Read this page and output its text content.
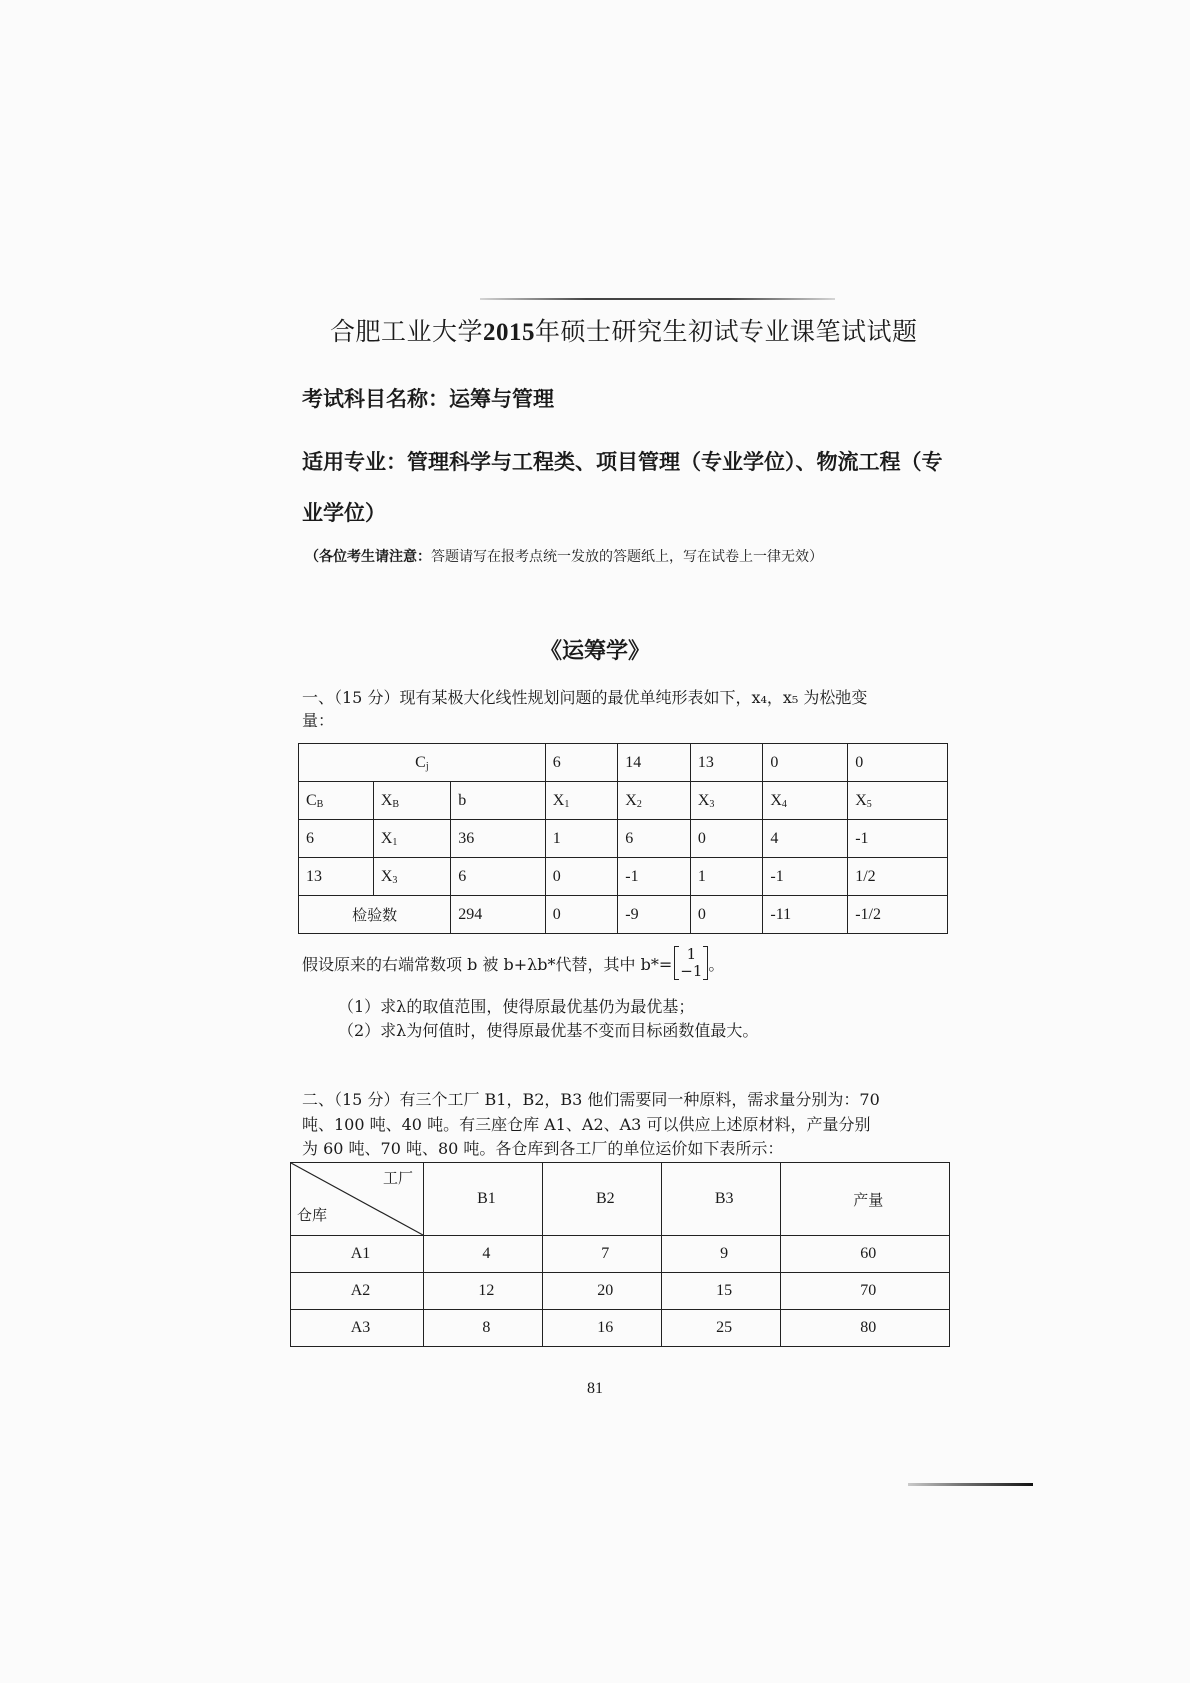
合肥工业大学2015年硕士研究生初试专业课笔试试题
考试科目名称：运筹与管理
适用专业：管理科学与工程类、项目管理（专业学位）、物流工程（专
业学位）
（各位考生请注意：答题请写在报考点统一发放的答题纸上，写在试卷上一律无效）
《运筹学》
一、（15 分）现有某极大化线性规划问题的最优单纯形表如下，x₄，x₅ 为松弛变
量：
$C_j$			6	14	13	0	0
$C_B$	$X_B$	b	$X_1$	$X_2$	$X_3$	$X_4$	$X_5$
6	$X_1$	36	1	6	0	4	-1
13	$X_3$	6	0	-1	1	-1	1/2
检验数		294	0	-9	0	-11	-1/2
假设原来的右端常数项 b 被 b+λb*代替，其中 b*=
1
−1 。
（1）求λ的取值范围，使得原最优基仍为最优基；
（2）求λ为何值时，使得原最优基不变而目标函数值最大。
二、（15 分）有三个工厂 B1，B2，B3 他们需要同一种原料，需求量分别为：70
吨、100 吨、40 吨。有三座仓库 A1、A2、A3 可以供应上述原材料，产量分别
为 60 吨、70 吨、80 吨。各仓库到各工厂的单位运价如下表所示：
工厂
仓库	B1	B2	B3	产量
A1	4	7	9	60
A2	12	20	15	70
A3	8	16	25	80
81
